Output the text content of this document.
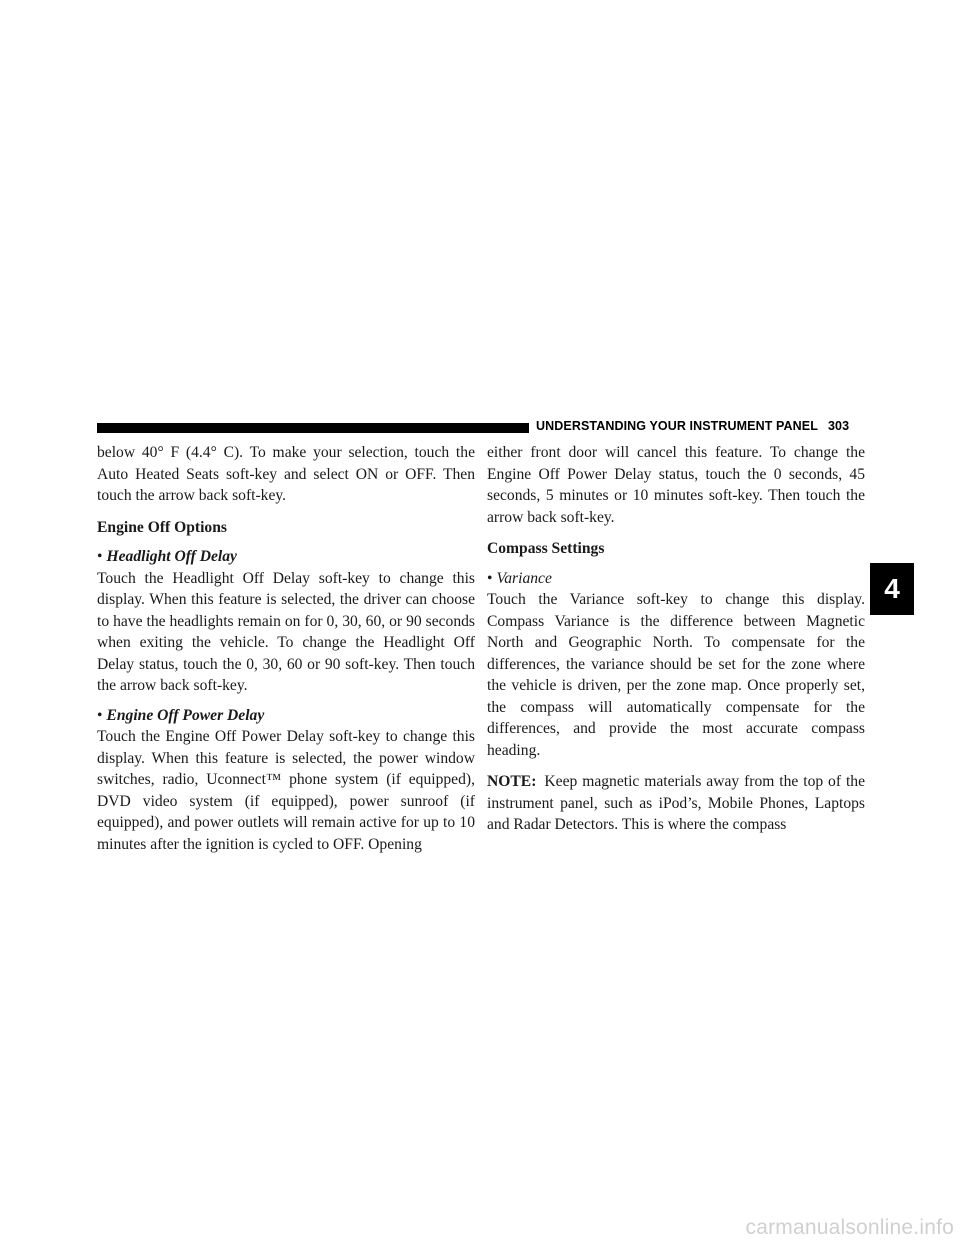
UNDERSTANDING YOUR INSTRUMENT PANEL 303

below 40° F (4.4° C). To make your selection, touch the Auto Heated Seats soft-key and select ON or OFF. Then touch the arrow back soft-key.

Engine Off Options

• Headlight Off Delay

Touch the Headlight Off Delay soft-key to change this display. When this feature is selected, the driver can choose to have the headlights remain on for 0, 30, 60, or 90 seconds when exiting the vehicle. To change the Headlight Off Delay status, touch the 0, 30, 60 or 90 soft-key. Then touch the arrow back soft-key.

• Engine Off Power Delay

Touch the Engine Off Power Delay soft-key to change this display. When this feature is selected, the power window switches, radio, Uconnect™ phone system (if equipped), DVD video system (if equipped), power sunroof (if equipped), and power outlets will remain active for up to 10 minutes after the ignition is cycled to OFF. Opening

either front door will cancel this feature. To change the Engine Off Power Delay status, touch the 0 seconds, 45 seconds, 5 minutes or 10 minutes soft-key. Then touch the arrow back soft-key.

Compass Settings

• Variance

Touch the Variance soft-key to change this display. Compass Variance is the difference between Magnetic North and Geographic North. To compensate for the differences, the variance should be set for the zone where the vehicle is driven, per the zone map. Once properly set, the compass will automatically compensate for the differences, and provide the most accurate compass heading.

NOTE: Keep magnetic materials away from the top of the instrument panel, such as iPod’s, Mobile Phones, Laptops and Radar Detectors. This is where the compass

4
carmanualsonline.info
